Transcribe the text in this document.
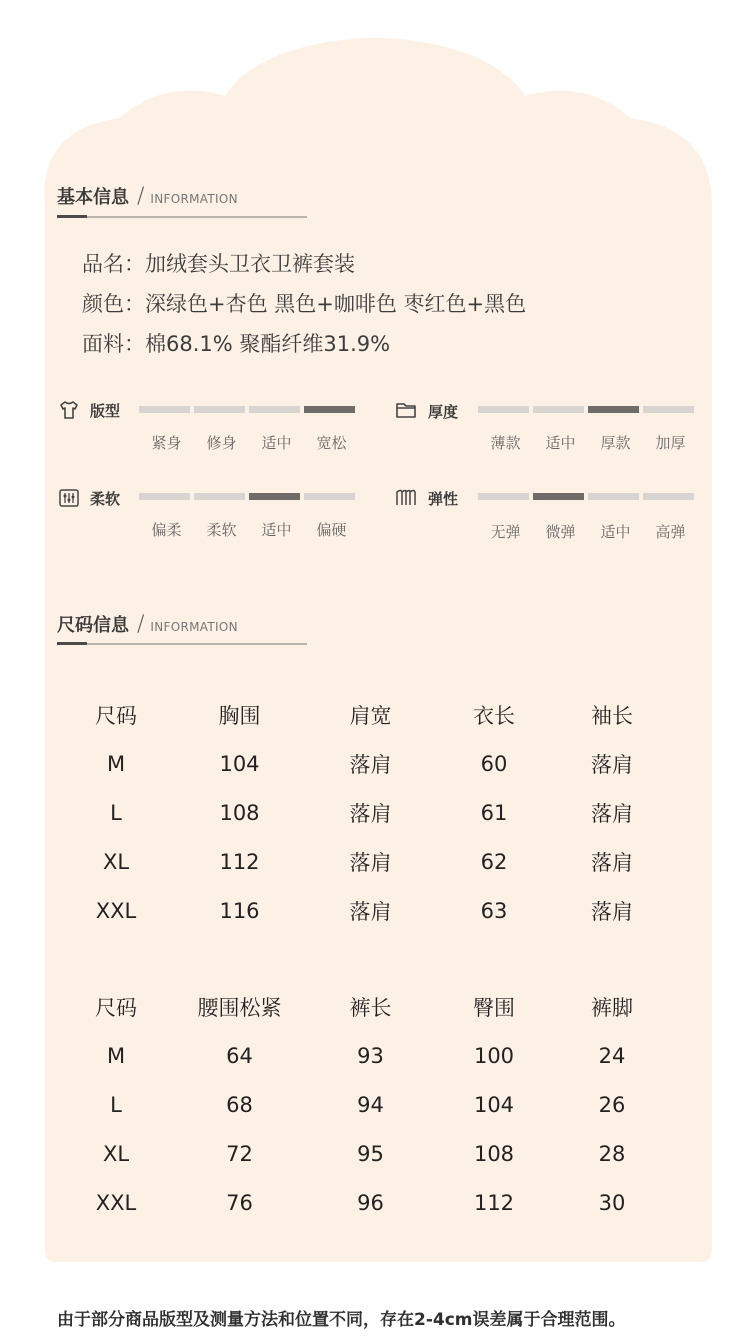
基本信息 / INFORMATION
品名：加绒套头卫衣卫裤套装
颜色：深绿色+杏色 黑色+咖啡色 枣红色+黑色
面料：棉68.1% 聚酯纤维31.9%
版型
紧身	修身	适中	宽松
厚度
薄款	适中	厚款	加厚
柔软
偏柔	柔软	适中	偏硬
弹性
无弹	微弹	适中	高弹
尺码信息 / INFORMATION
尺码	胸围	肩宽	衣长	袖长
M	104	落肩	60	落肩
L	108	落肩	61	落肩
XL	112	落肩	62	落肩
XXL	116	落肩	63	落肩
尺码	腰围松紧	裤长	臀围	裤脚
M	64	93	100	24
L	68	94	104	26
XL	72	95	108	28
XXL	76	96	112	30
由于部分商品版型及测量方法和位置不同，存在2-4cm误差属于合理范围。
